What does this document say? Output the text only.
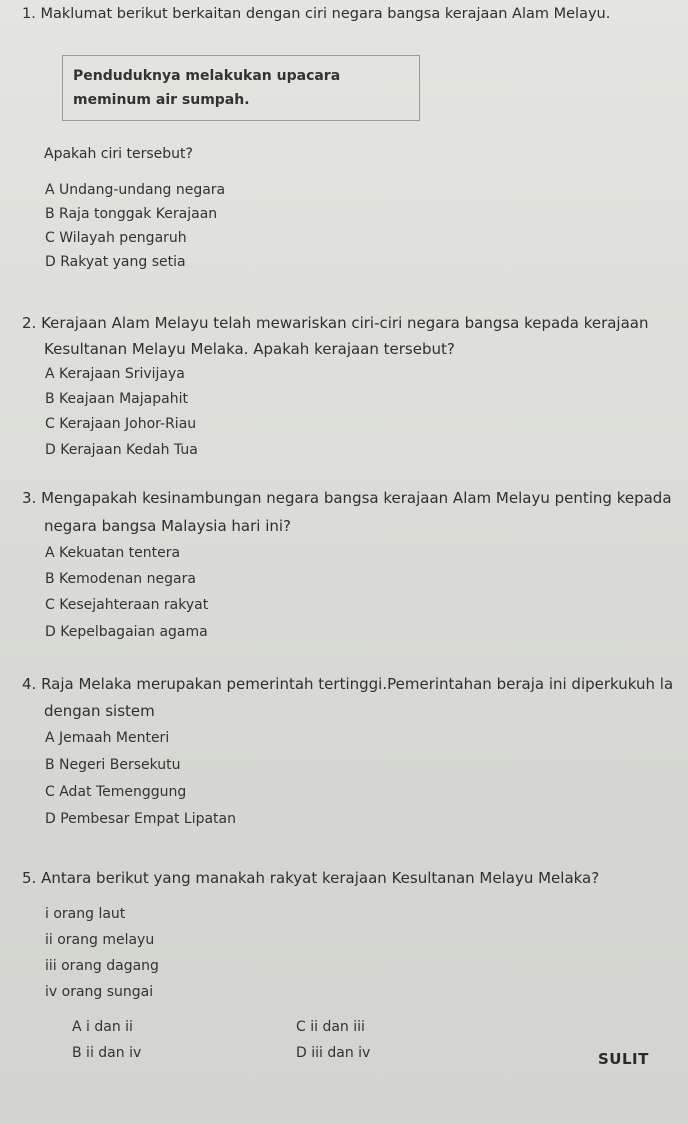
1. Maklumat berikut berkaitan dengan ciri negara bangsa kerajaan Alam Melayu.
Penduduknya melakukan upacara
meminum air sumpah.
Apakah ciri tersebut?
A Undang-undang negara
B Raja tonggak Kerajaan
C Wilayah pengaruh
D Rakyat yang setia
2. Kerajaan Alam Melayu telah mewariskan ciri-ciri negara bangsa kepada kerajaan
Kesultanan Melayu Melaka. Apakah kerajaan tersebut?
A Kerajaan Srivijaya
B Keajaan Majapahit
C Kerajaan Johor-Riau
D Kerajaan Kedah Tua
3. Mengapakah kesinambungan negara bangsa kerajaan Alam Melayu penting kepada
negara bangsa Malaysia hari ini?
A Kekuatan tentera
B Kemodenan negara
C Kesejahteraan rakyat
D Kepelbagaian agama
4. Raja Melaka merupakan pemerintah tertinggi.Pemerintahan beraja ini diperkukuh la
dengan sistem
A Jemaah Menteri
B Negeri Bersekutu
C Adat Temenggung
D Pembesar Empat Lipatan
5. Antara berikut yang manakah rakyat kerajaan Kesultanan Melayu Melaka?
i orang laut
ii orang melayu
iii orang dagang
iv orang sungai
A i dan ii
B ii dan iv
C ii dan iii
D iii dan iv	SULIT
